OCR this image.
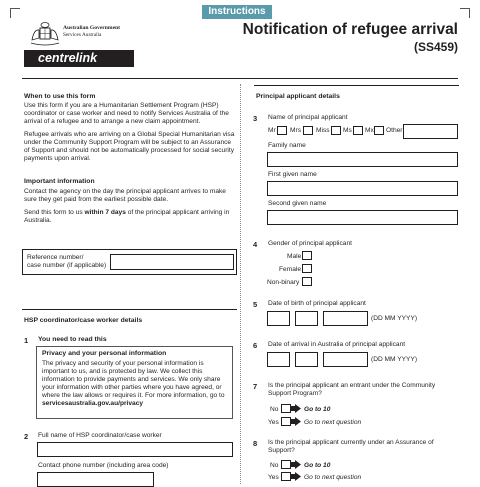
Instructions
Notification of refugee arrival
(SS459)
Australian Government
Services Australia
centrelink
When to use this form
Use this form if you are a Humanitarian Settlement Program (HSP) coordinator or case worker and need to notify Services Australia of the arrival of a refugee and to arrange a new claim appointment.
Refugee arrivals who are arriving on a Global Special Humanitarian visa under the Community Support Program will be subject to an Assurance of Support and should not be automatically processed for social security payments upon arrival.
Important information
Contact the agency on the day the principal applicant arrives to make sure they get paid from the earliest possible date.
Send this form to us within 7 days of the principal applicant arriving in Australia.
Reference number/
case number (if applicable)
HSP coordinator/case worker details
1 You need to read this
Privacy and your personal information
The privacy and security of your personal information is important to us, and is protected by law. We collect this information to provide payments and services. We only share your information with other parties where you have agreed, or where the law allows or requires it. For more information, go to servicesaustralia.gov.au/privacy
2 Full name of HSP coordinator/case worker
Contact phone number (including area code)
Principal applicant details
3 Name of principal applicant
Mr Mrs Miss Ms Mx Other
Family name
First given name
Second given name
4 Gender of principal applicant
Male
Female
Non-binary
5 Date of birth of principal applicant
(DD MM YYYY)
6 Date of arrival in Australia of principal applicant
(DD MM YYYY)
7 Is the principal applicant an entrant under the Community Support Program?
No	Go to 10
Yes	Go to next question
8 Is the principal applicant currently under an Assurance of Support?
No	Go to 10
Yes	Go to next question
